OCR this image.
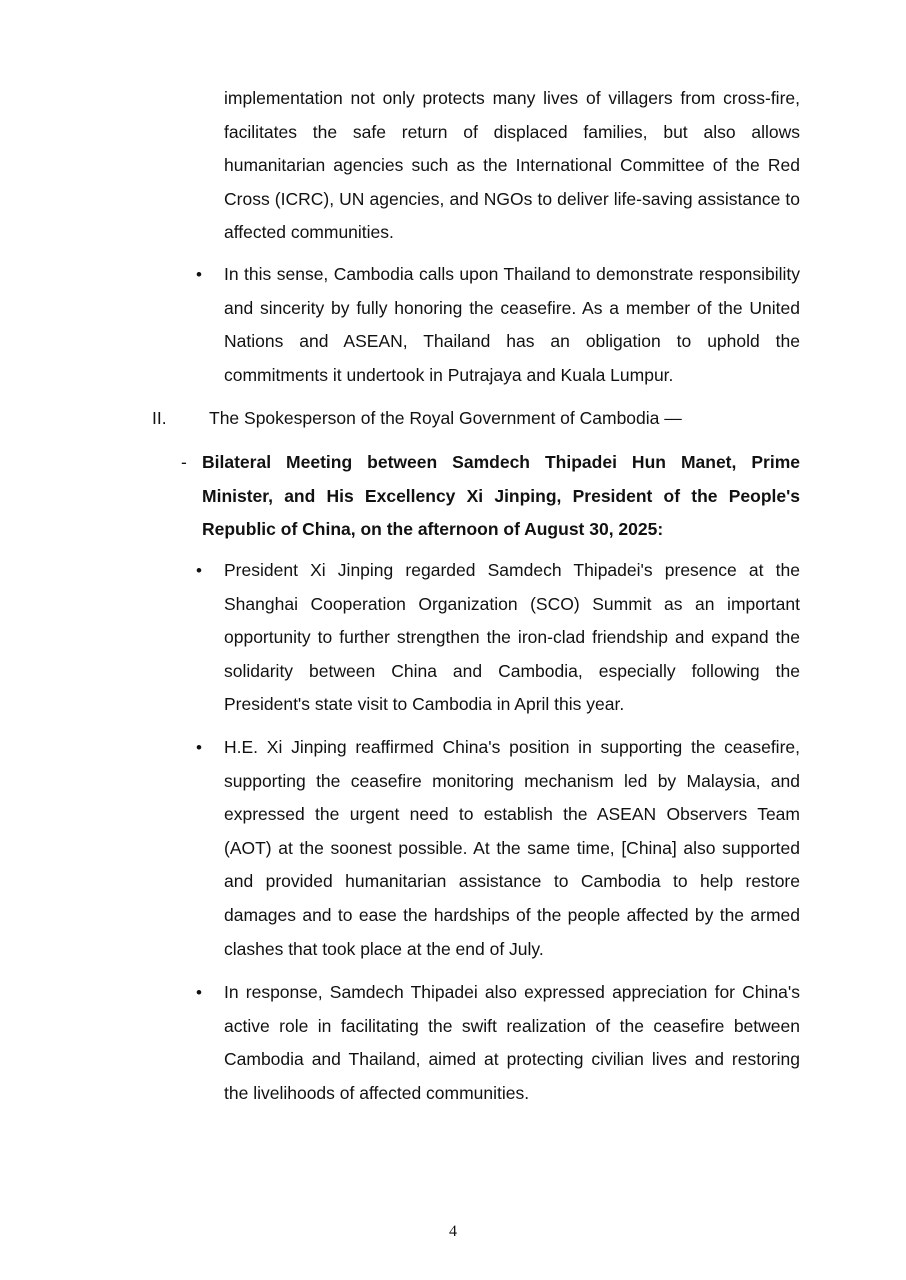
implementation not only protects many lives of villagers from cross-fire, facilitates the safe return of displaced families, but also allows humanitarian agencies such as the International Committee of the Red Cross (ICRC), UN agencies, and NGOs to deliver life-saving assistance to affected communities.

• In this sense, Cambodia calls upon Thailand to demonstrate responsibility and sincerity by fully honoring the ceasefire. As a member of the United Nations and ASEAN, Thailand has an obligation to uphold the commitments it undertook in Putrajaya and Kuala Lumpur.

II. The Spokesperson of the Royal Government of Cambodia —
- Bilateral Meeting between Samdech Thipadei Hun Manet, Prime Minister, and His Excellency Xi Jinping, President of the People's Republic of China, on the afternoon of August 30, 2025:

• President Xi Jinping regarded Samdech Thipadei's presence at the Shanghai Cooperation Organization (SCO) Summit as an important opportunity to further strengthen the iron-clad friendship and expand the solidarity between China and Cambodia, especially following the President's state visit to Cambodia in April this year.

• H.E. Xi Jinping reaffirmed China's position in supporting the ceasefire, supporting the ceasefire monitoring mechanism led by Malaysia, and expressed the urgent need to establish the ASEAN Observers Team (AOT) at the soonest possible. At the same time, [China] also supported and provided humanitarian assistance to Cambodia to help restore damages and to ease the hardships of the people affected by the armed clashes that took place at the end of July.

• In response, Samdech Thipadei also expressed appreciation for China's active role in facilitating the swift realization of the ceasefire between Cambodia and Thailand, aimed at protecting civilian lives and restoring the livelihoods of affected communities.

4
